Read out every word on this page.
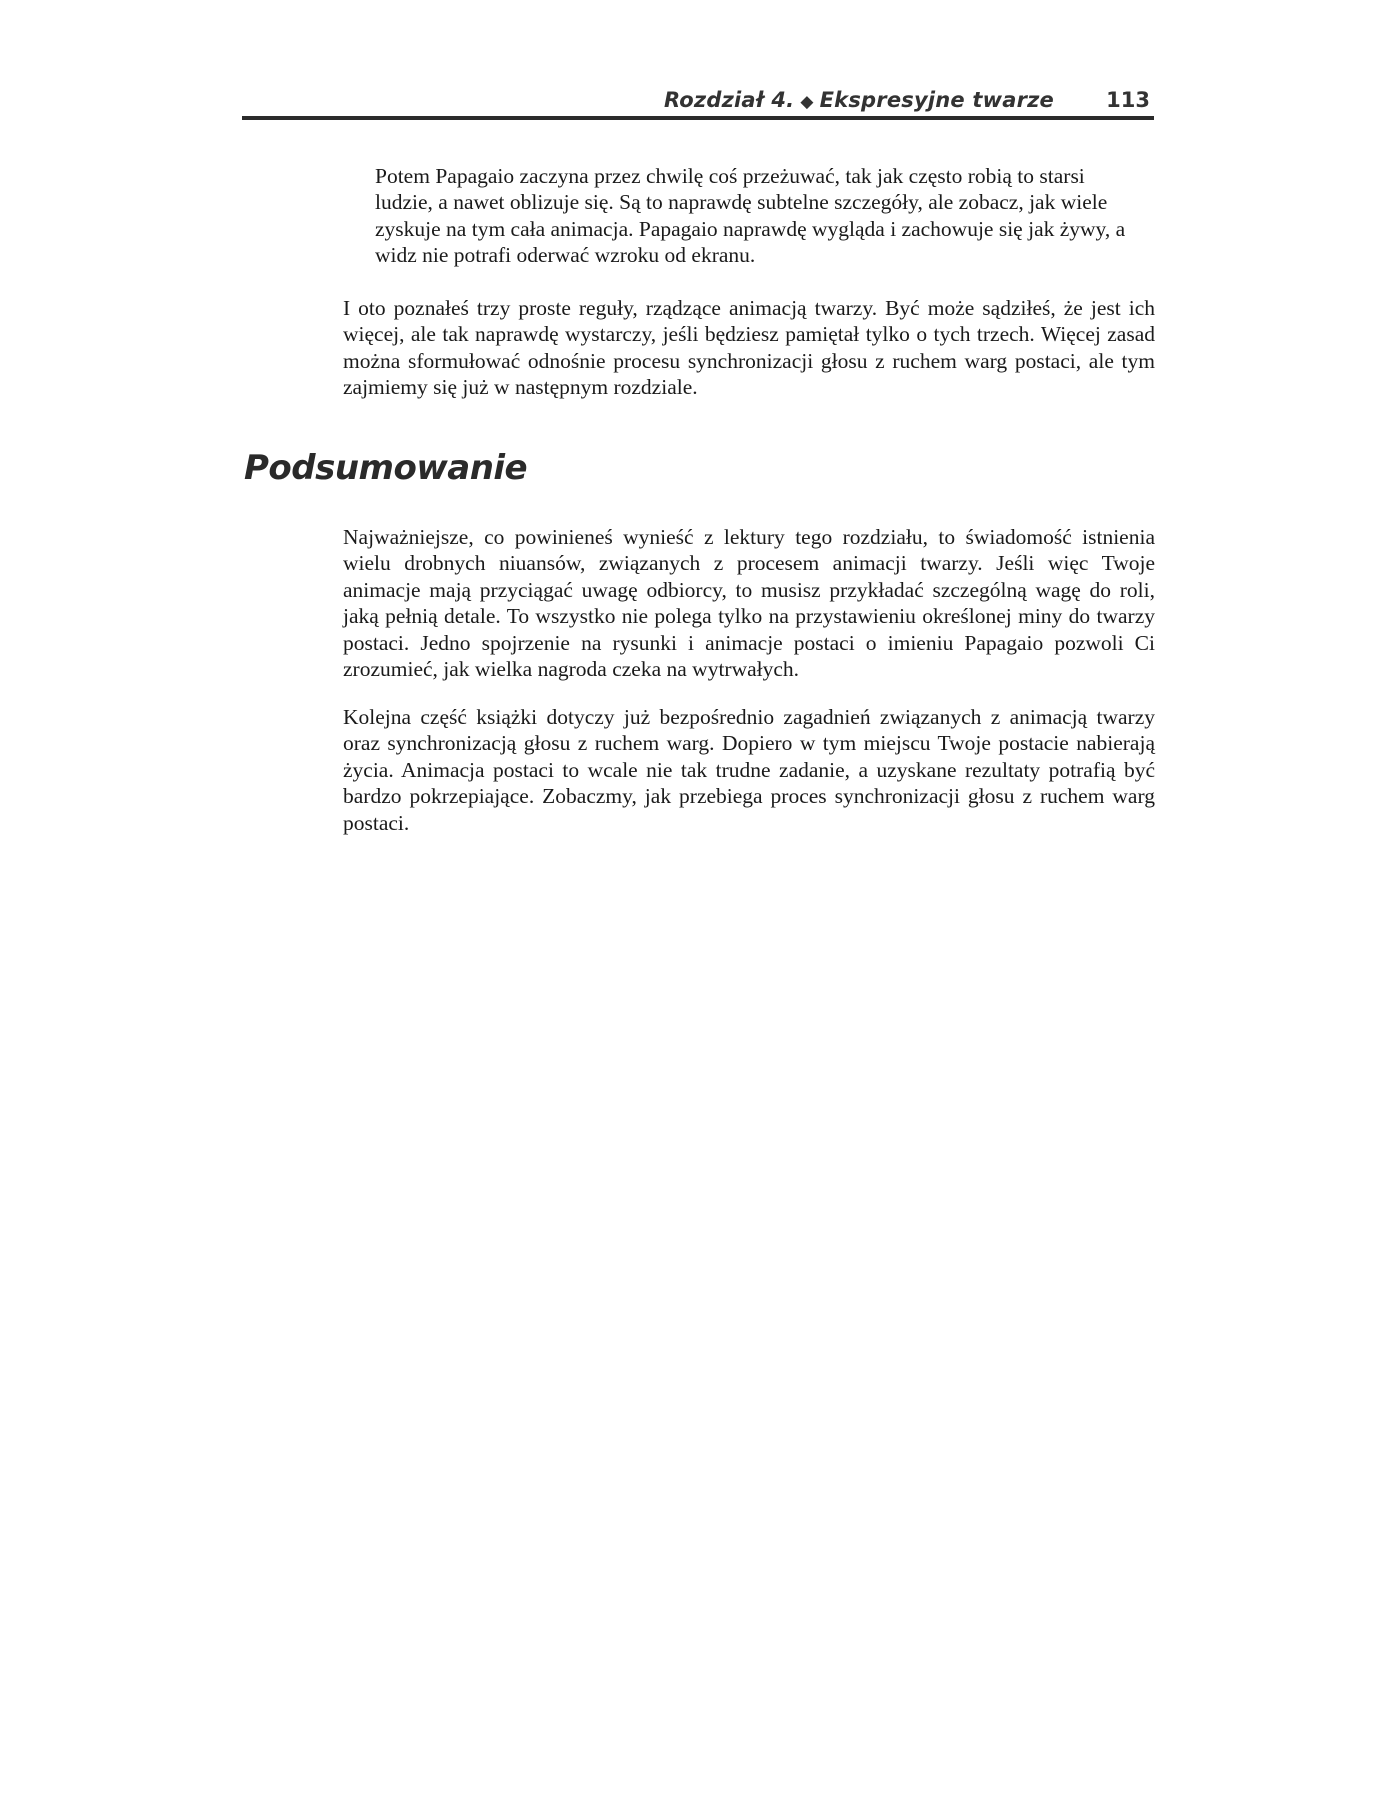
Rozdział 4. ◆ Ekspresyjne twarze 113

Potem Papagaio zaczyna przez chwilę coś przeżuwać, tak jak często robią to starsi ludzie, a nawet oblizuje się. Są to naprawdę subtelne szczegóły, ale zobacz, jak wiele zyskuje na tym cała animacja. Papagaio naprawdę wygląda i zachowuje się jak żywy, a widz nie potrafi oderwać wzroku od ekranu.

I oto poznałeś trzy proste reguły, rządzące animacją twarzy. Być może sądziłeś, że jest ich więcej, ale tak naprawdę wystarczy, jeśli będziesz pamiętał tylko o tych trzech. Więcej zasad można sformułować odnośnie procesu synchronizacji głosu z ruchem warg postaci, ale tym zajmiemy się już w następnym rozdziale.

Podsumowanie

Najważniejsze, co powinieneś wynieść z lektury tego rozdziału, to świadomość istnienia wielu drobnych niuansów, związanych z procesem animacji twarzy. Jeśli więc Twoje animacje mają przyciągać uwagę odbiorcy, to musisz przykładać szczególną wagę do roli, jaką pełnią detale. To wszystko nie polega tylko na przystawieniu określonej miny do twarzy postaci. Jedno spojrzenie na rysunki i animacje postaci o imieniu Papagaio pozwoli Ci zrozumieć, jak wielka nagroda czeka na wytrwałych.

Kolejna część książki dotyczy już bezpośrednio zagadnień związanych z animacją twarzy oraz synchronizacją głosu z ruchem warg. Dopiero w tym miejscu Twoje postacie nabierają życia. Animacja postaci to wcale nie tak trudne zadanie, a uzyskane rezultaty potrafią być bardzo pokrzepiające. Zobaczmy, jak przebiega proces synchronizacji głosu z ruchem warg postaci.
